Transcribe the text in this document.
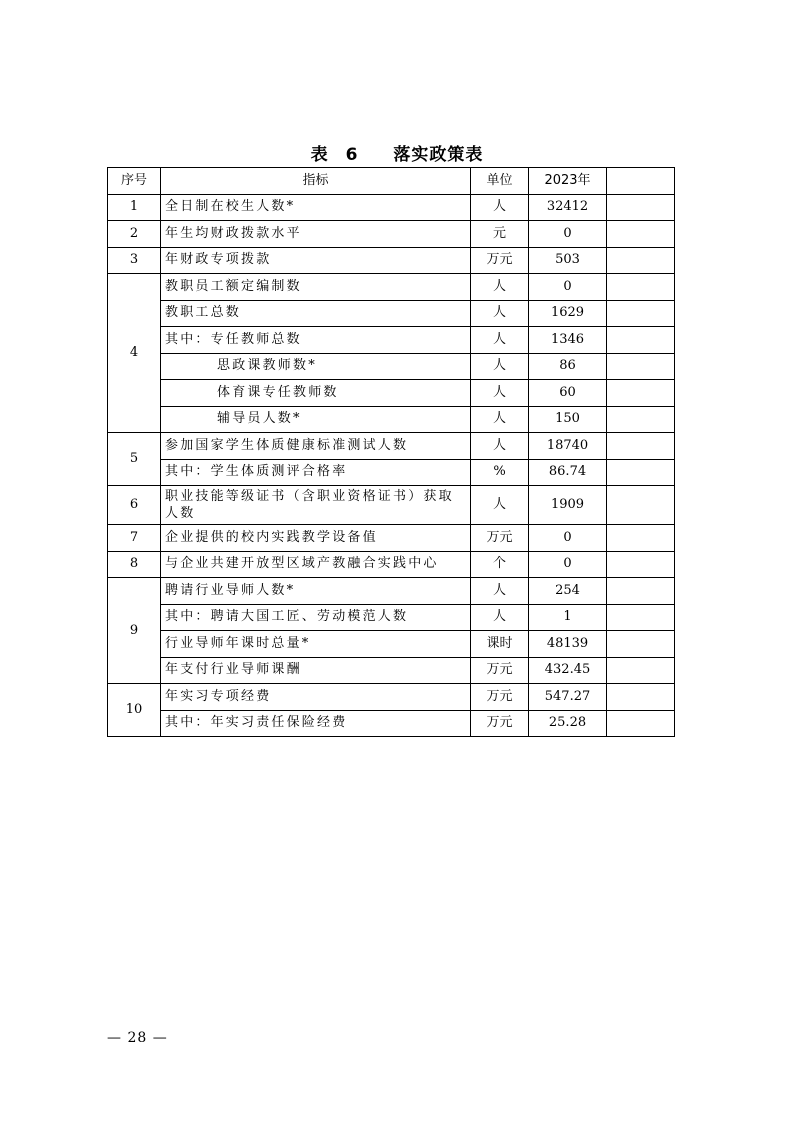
表 6 落实政策表
序号	指标	单位	2023年	
1	全日制在校生人数*	人	32412	
2	年生均财政拨款水平	元	0	
3	年财政专项拨款	万元	503	
4	教职员工额定编制数	人	0	
	教职工总数	人	1629	
	其中：专任教师总数	人	1346	
	思政课教师数*	人	86	
	体育课专任教师数	人	60	
	辅导员人数*	人	150	
5	参加国家学生体质健康标准测试人数	人	18740	
	其中：学生体质测评合格率	%	86.74	
6	职业技能等级证书（含职业资格证书）获取人数	人	1909	
7	企业提供的校内实践教学设备值	万元	0	
8	与企业共建开放型区域产教融合实践中心	个	0	
9	聘请行业导师人数*	人	254	
	其中：聘请大国工匠、劳动模范人数	人	1	
	行业导师年课时总量*	课时	48139	
	年支付行业导师课酬	万元	432.45	
10	年实习专项经费	万元	547.27	
	其中：年实习责任保险经费	万元	25.28	
— 28 —
